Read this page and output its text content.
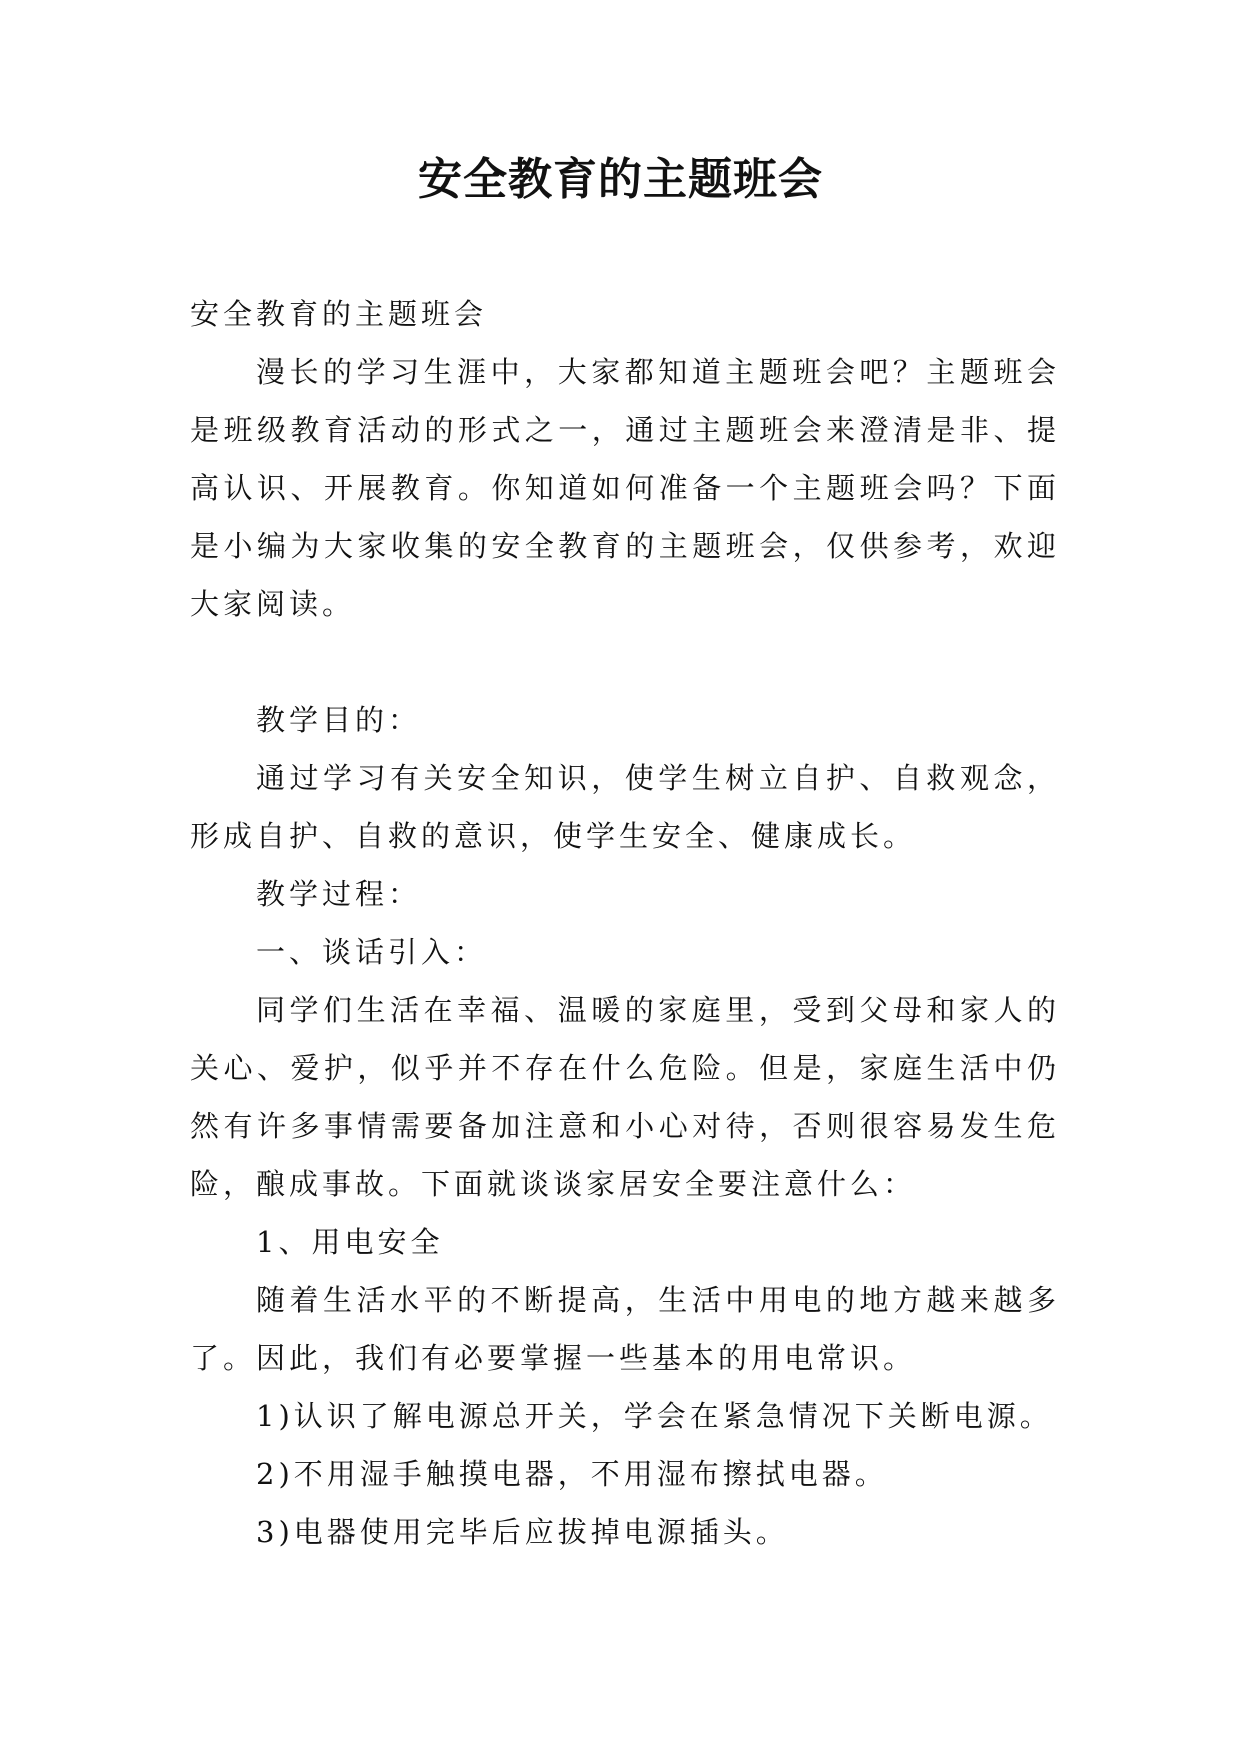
安全教育的主题班会

安全教育的主题班会

漫长的学习生涯中，大家都知道主题班会吧？主题班会是班级教育活动的形式之一，通过主题班会来澄清是非、提高认识、开展教育。你知道如何准备一个主题班会吗？下面是小编为大家收集的安全教育的主题班会，仅供参考，欢迎大家阅读。

教学目的：

通过学习有关安全知识，使学生树立自护、自救观念，形成自护、自救的意识，使学生安全、健康成长。

教学过程：

一、谈话引入：

同学们生活在幸福、温暖的家庭里，受到父母和家人的关心、爱护，似乎并不存在什么危险。但是，家庭生活中仍然有许多事情需要备加注意和小心对待，否则很容易发生危险，酿成事故。下面就谈谈家居安全要注意什么：

1、用电安全

随着生活水平的不断提高，生活中用电的地方越来越多了。因此，我们有必要掌握一些基本的用电常识。

1)认识了解电源总开关，学会在紧急情况下关断电源。

2)不用湿手触摸电器，不用湿布擦拭电器。

3)电器使用完毕后应拔掉电源插头。
